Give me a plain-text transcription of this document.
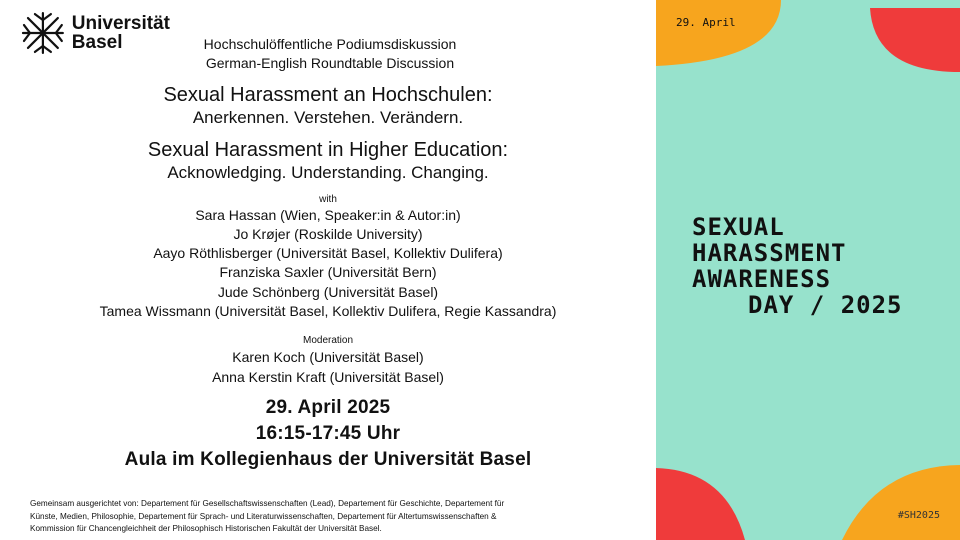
Universität
Basel	Hochschulöffentliche Podiumsdiskussion
German-English Roundtable Discussion
Sexual Harassment an Hochschulen:
Anerkennen. Verstehen. Verändern.
Sexual Harassment in Higher Education:
Acknowledging. Understanding. Changing.
with
Sara Hassan (Wien, Speaker:in & Autor:in)
Jo Krøjer (Roskilde University)
Aayo Röthlisberger (Universität Basel, Kollektiv Dulifera)
Franziska Saxler (Universität Bern)
Jude Schönberg (Universität Basel)
Tamea Wissmann (Universität Basel, Kollektiv Dulifera, Regie Kassandra)
Moderation
Karen Koch (Universität Basel)
Anna Kerstin Kraft (Universität Basel)
29. April 2025
16:15-17:45 Uhr
Aula im Kollegienhaus der Universität Basel
Gemeinsam ausgerichtet von: Departement für Gesellschaftswissenschaften (Lead), Departement für Geschichte, Departement für
Künste, Medien, Philosophie, Departement für Sprach- und Literaturwissenschaften, Departement für Altertumswissenschaften &
Kommission für Chancengleichheit der Philosophisch Historischen Fakultät der Universität Basel.
29. April
SEXUAL
HARASSMENT
AWARENESS
DAY / 2025
#SH2025
